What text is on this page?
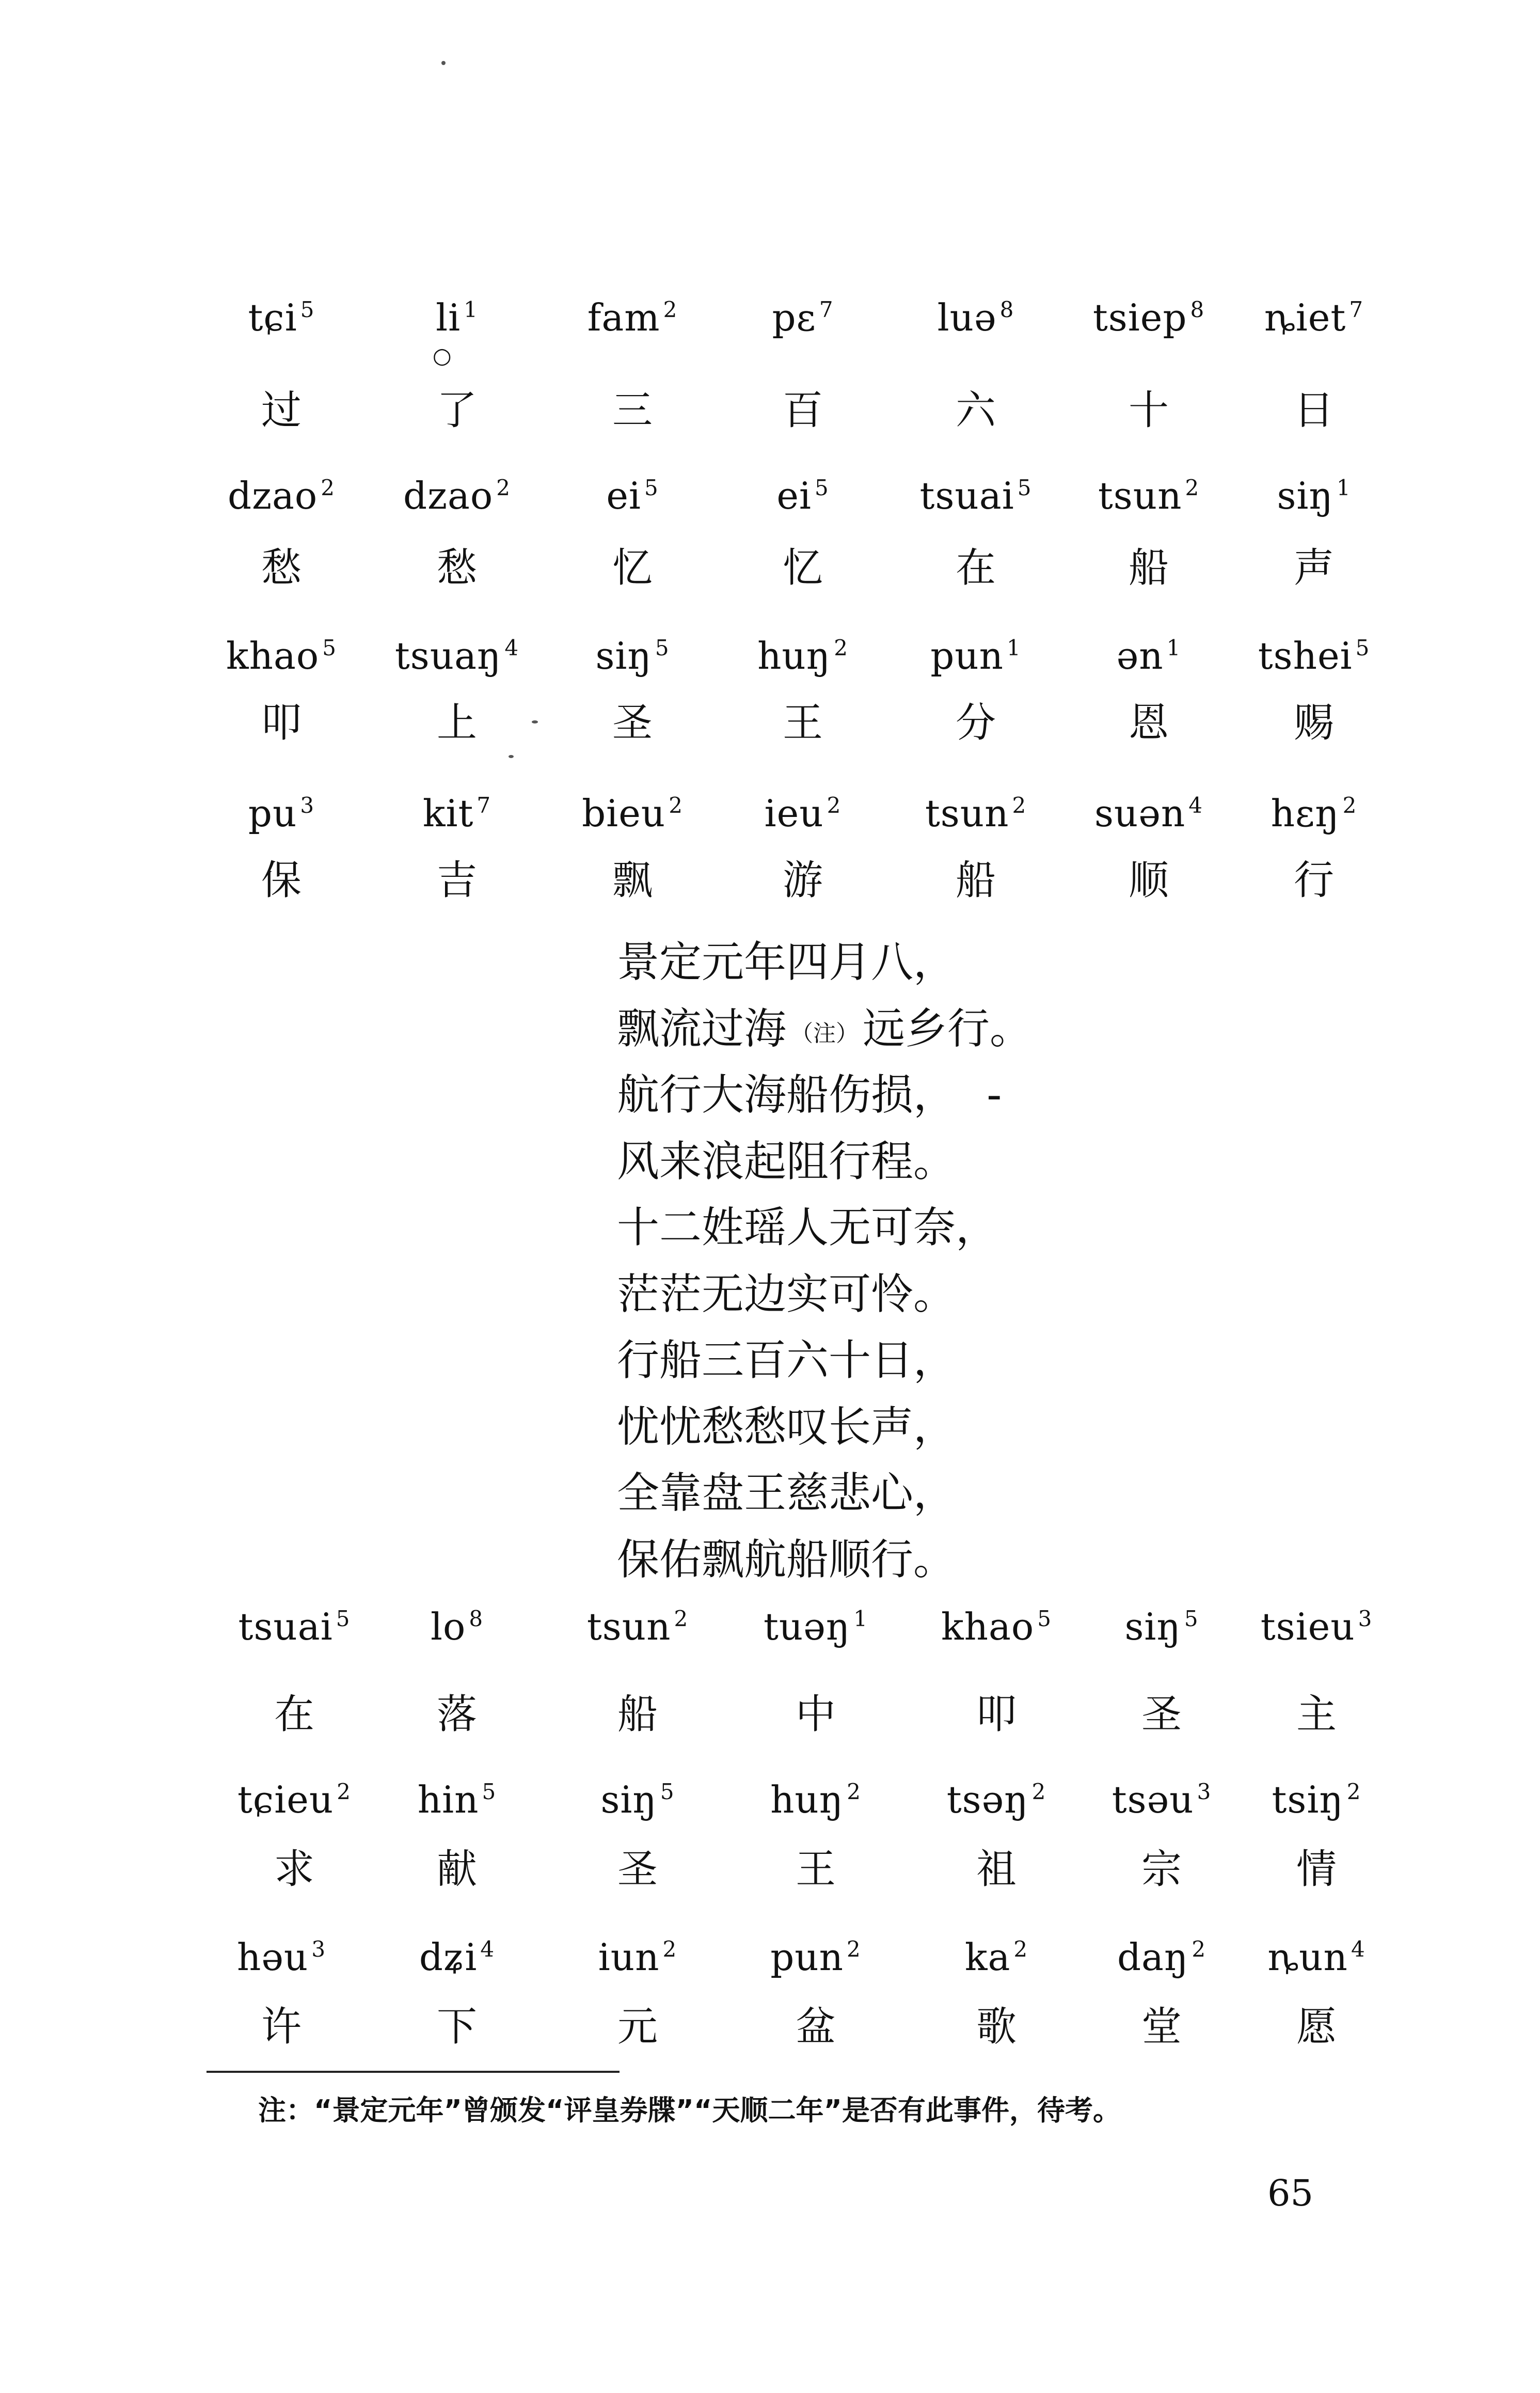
tɕi $^5$	li $^1$	fam $^2$	pɛ $^7$	luə $^8$	tsiep $^8$	ȵiet $^7$
○
过	了	三	百	六	十	日
dzao $^2$	dzao $^2$	ei $^5$	ei $^5$	tsuai $^5$	tsun $^2$	siŋ $^1$
愁	愁	忆	忆	在	船	声
khao $^5$	tsuaŋ $^4$	siŋ $^5$	huŋ $^2$	pun $^1$	ən $^1$	tshei $^5$
叩	上	圣	王	分	恩	赐
pu $^3$	kit $^7$	bieu $^2$	ieu $^2$	tsun $^2$	suən $^4$	hɛŋ $^2$
保	吉	飘	游	船	顺	行
景定元年四月八，
飘流过海 （注）远乡行。
航行大海船伤损， -
风来浪起阻行程。
十二姓瑶人无可奈，
茫茫无边实可怜。
行船三百六十日，
忧忧愁愁叹长声，
全靠盘王慈悲心，
保佑飘航船顺行。
tsuai $^5$	lo $^8$	tsun $^2$	tuəŋ $^1$	khao $^5$	siŋ $^5$	tsieu $^3$
在	落	船	中	叩	圣	主
tɕieu $^2$	hin $^5$	siŋ $^5$	huŋ $^2$	tsəŋ $^2$	tsəu $^3$	tsiŋ $^2$
求	献	圣	王	祖	宗	情
həu $^3$	dʑi $^4$	iun $^2$	pun $^2$	ka $^2$	daŋ $^2$	ȵun $^4$
许	下	元	盆	歌	堂	愿
注：“景定元年”曾颁发“评皇券牒”“天顺二年”是否有此事件，待考。
65
